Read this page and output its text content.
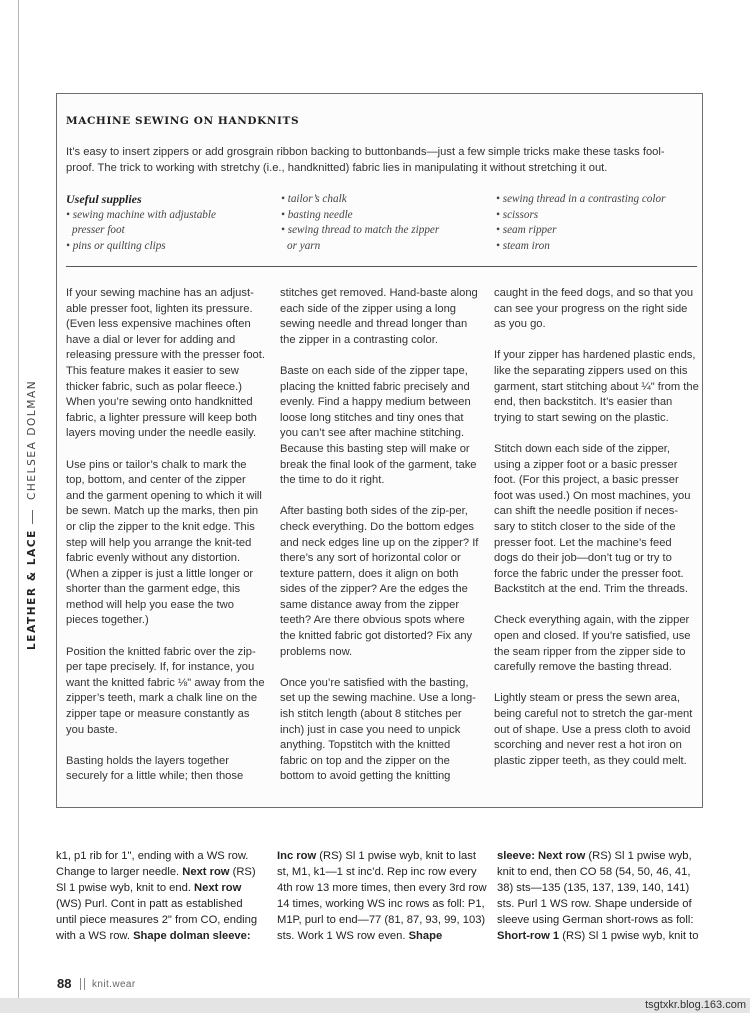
CHELSEA DOLMAN
LEATHER & LACE
MACHINE SEWING ON HANDKNITS
It’s easy to insert zippers or add grosgrain ribbon backing to buttonbands—just a few simple tricks make these tasks fool-proof. The trick to working with stretchy (i.e., handknitted) fabric lies in manipulating it without stretching it out.
Useful supplies
• sewing machine with adjustable
presser foot
• pins or quilting clips
• tailor’s chalk
• basting needle
• sewing thread to match the zipper
or yarn
• sewing thread in a contrasting color
• scissors
• seam ripper
• steam iron

If your sewing machine has an adjust-able presser foot, lighten its pressure. (Even less expensive machines often have a dial or lever for adding and releasing pressure with the presser foot. This feature makes it easier to sew thicker fabric, such as polar fleece.) When you’re sewing onto handknitted fabric, a lighter pressure will keep both layers moving under the needle easily.

Use pins or tailor’s chalk to mark the top, bottom, and center of the zipper and the garment opening to which it will be sewn. Match up the marks, then pin or clip the zipper to the knit edge. This step will help you arrange the knit-ted fabric evenly without any distortion. (When a zipper is just a little longer or shorter than the garment edge, this method will help you ease the two pieces together.)

Position the knitted fabric over the zip-per tape precisely. If, for instance, you want the knitted fabric ⅛" away from the zipper’s teeth, mark a chalk line on the zipper tape or measure constantly as you baste.

Basting holds the layers together securely for a little while; then those

stitches get removed. Hand-baste along each side of the zipper using a long sewing needle and thread longer than the zipper in a contrasting color.

Baste on each side of the zipper tape, placing the knitted fabric precisely and evenly. Find a happy medium between loose long stitches and tiny ones that you can’t see after machine stitching. Because this basting step will make or break the final look of the garment, take the time to do it right.

After basting both sides of the zip-per, check everything. Do the bottom edges and neck edges line up on the zipper? If there’s any sort of horizontal color or texture pattern, does it align on both sides of the zipper? Are the edges the same distance away from the zipper teeth? Are there obvious spots where the knitted fabric got distorted? Fix any problems now.

Once you’re satisfied with the basting, set up the sewing machine. Use a long-ish stitch length (about 8 stitches per inch) just in case you need to unpick anything. Topstitch with the knitted fabric on top and the zipper on the bottom to avoid getting the knitting

caught in the feed dogs, and so that you can see your progress on the right side as you go.

If your zipper has hardened plastic ends, like the separating zippers used on this garment, start stitching about ¼" from the end, then backstitch. It’s easier than trying to start sewing on the plastic.

Stitch down each side of the zipper, using a zipper foot or a basic presser foot. (For this project, a basic presser foot was used.) On most machines, you can shift the needle position if neces-sary to stitch closer to the side of the presser foot. Let the machine’s feed dogs do their job—don’t tug or try to force the fabric under the presser foot. Backstitch at the end. Trim the threads.

Check everything again, with the zipper open and closed. If you’re satisfied, use the seam ripper from the zipper side to carefully remove the basting thread.

Lightly steam or press the sewn area, being careful not to stretch the gar-ment out of shape. Use a press cloth to avoid scorching and never rest a hot iron on plastic zipper teeth, as they could melt.

k1, p1 rib for 1", ending with a WS row. Change to larger needle. Next row (RS) Sl 1 pwise wyb, knit to end. Next row (WS) Purl. Cont in patt as established until piece measures 2" from CO, ending with a WS row. Shape dolman sleeve:
Inc row (RS) Sl 1 pwise wyb, knit to last st, M1, k1—1 st inc’d. Rep inc row every 4th row 13 more times, then every 3rd row 14 times, working WS inc rows as foll: P1, M1P, purl to end—77 (81, 87, 93, 99, 103) sts. Work 1 WS row even. Shape
sleeve: Next row (RS) Sl 1 pwise wyb, knit to end, then CO 58 (54, 50, 46, 41, 38) sts—135 (135, 137, 139, 140, 141) sts. Purl 1 WS row. Shape underside of sleeve using German short-rows as foll: Short-row 1 (RS) Sl 1 pwise wyb, knit to
88 knit.wear
tsgtxkr.blog.163.com
